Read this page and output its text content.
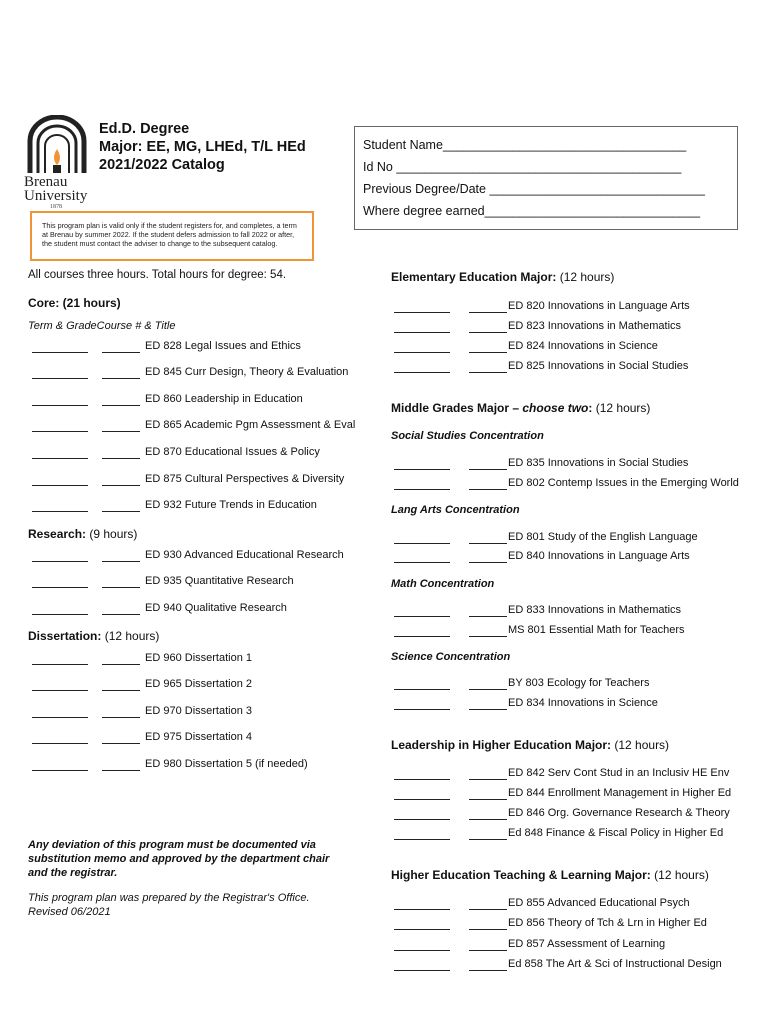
Brenau
University
1878
Ed.D. Degree
Major: EE, MG, LHEd, T/L HEd
2021/2022 Catalog
Student Name___________________________________
Id No _________________________________________
Previous Degree/Date _______________________________
Where degree earned_______________________________
This program plan is valid only if the student registers for, and completes, a term at Brenau by summer 2022. If the student defers admission to fall 2022 or after, the student must contact the adviser to change to the subsequent catalog.
All courses three hours. Total hours for degree: 54.
Core: (21 hours)
Term & GradeCourse # & Title
ED 828 Legal Issues and Ethics
ED 845 Curr Design, Theory & Evaluation
ED 860 Leadership in Education
ED 865 Academic Pgm Assessment & Eval
ED 870 Educational Issues & Policy
ED 875 Cultural Perspectives & Diversity
ED 932 Future Trends in Education
Research: (9 hours)
ED 930 Advanced Educational Research
ED 935 Quantitative Research
ED 940 Qualitative Research
Dissertation: (12 hours)
ED 960 Dissertation 1
ED 965 Dissertation 2
ED 970 Dissertation 3
ED 975 Dissertation 4
ED 980 Dissertation 5 (if needed)
Any deviation of this program must be documented via substitution memo and approved by the department chair and the registrar.
This program plan was prepared by the Registrar's Office.
Revised 06/2021
Elementary Education Major: (12 hours)
ED 820 Innovations in Language Arts
ED 823 Innovations in Mathematics
ED 824 Innovations in Science
ED 825 Innovations in Social Studies
Middle Grades Major – choose two: (12 hours)
Social Studies Concentration
ED 835 Innovations in Social Studies
ED 802 Contemp Issues in the Emerging World
Lang Arts Concentration
ED 801 Study of the English Language
ED 840 Innovations in Language Arts
Math Concentration
ED 833 Innovations in Mathematics
MS 801 Essential Math for Teachers
Science Concentration
BY 803 Ecology for Teachers
ED 834 Innovations in Science
Leadership in Higher Education Major: (12 hours)
ED 842 Serv Cont Stud in an Inclusiv HE Env
ED 844 Enrollment Management in Higher Ed
ED 846 Org. Governance Research & Theory
Ed 848 Finance & Fiscal Policy in Higher Ed
Higher Education Teaching & Learning Major: (12 hours)
ED 855 Advanced Educational Psych
ED 856 Theory of Tch & Lrn in Higher Ed
ED 857 Assessment of Learning
Ed 858 The Art & Sci of Instructional Design
